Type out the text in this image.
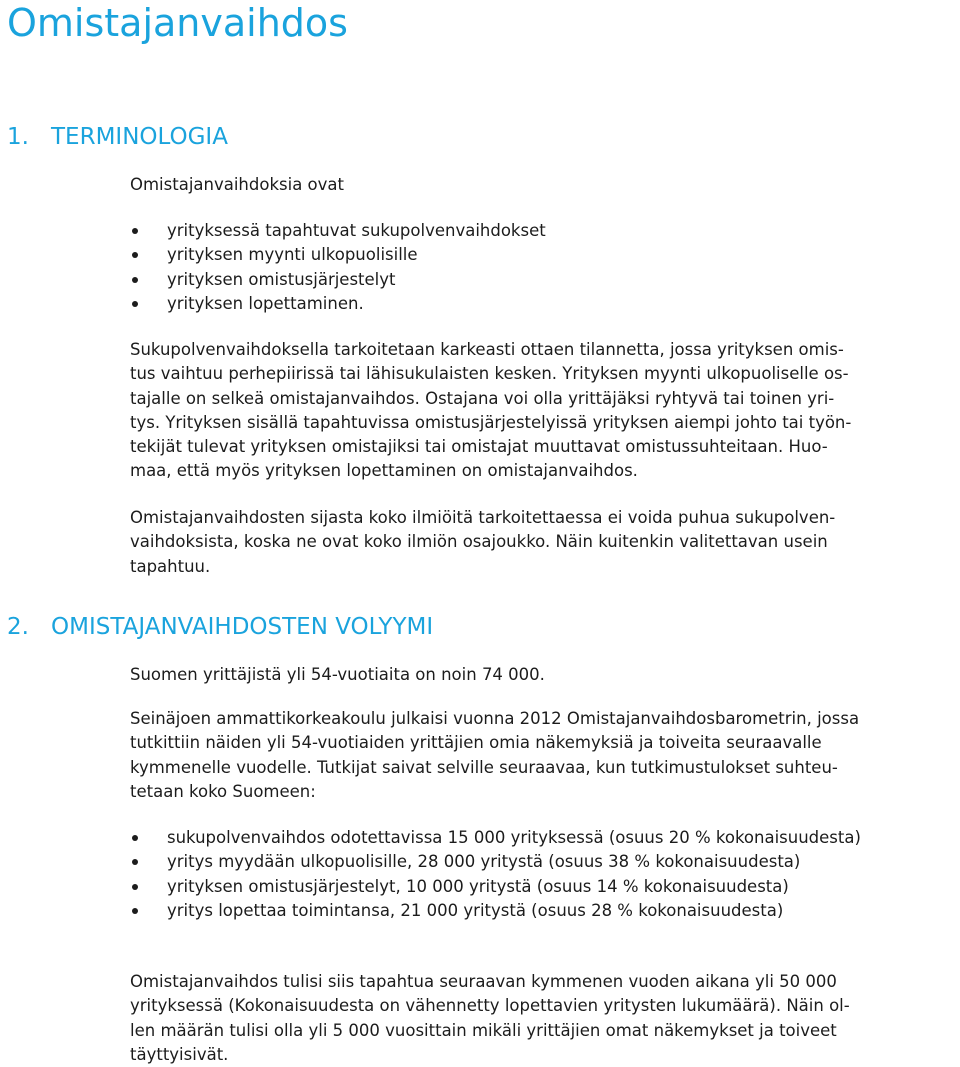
Omistajanvaihdos
1. TERMINOLOGIA

Omistajanvaihdoksia ovat

yrityksessä tapahtuvat sukupolvenvaihdokset
yrityksen myynti ulkopuolisille
yrityksen omistusjärjestelyt
yrityksen lopettaminen.

Sukupolvenvaihdoksella tarkoitetaan karkeasti ottaen tilannetta, jossa yrityksen omis-
tus vaihtuu perhepiirissä tai lähisukulaisten kesken. Yrityksen myynti ulkopuoliselle os-
tajalle on selkeä omistajanvaihdos. Ostajana voi olla yrittäjäksi ryhtyvä tai toinen yri-
tys. Yrityksen sisällä tapahtuvissa omistusjärjestelyissä yrityksen aiempi johto tai työn-
tekijät tulevat yrityksen omistajiksi tai omistajat muuttavat omistussuhteitaan. Huo-
maa, että myös yrityksen lopettaminen on omistajanvaihdos.

Omistajanvaihdosten sijasta koko ilmiöitä tarkoitettaessa ei voida puhua sukupolven-
vaihdoksista, koska ne ovat koko ilmiön osajoukko. Näin kuitenkin valitettavan usein
tapahtuu.

2. OMISTAJANVAIHDOSTEN VOLYYMI

Suomen yrittäjistä yli 54-vuotiaita on noin 74 000.

Seinäjoen ammattikorkeakoulu julkaisi vuonna 2012 Omistajanvaihdosbarometrin, jossa
tutkittiin näiden yli 54-vuotiaiden yrittäjien omia näkemyksiä ja toiveita seuraavalle
kymmenelle vuodelle. Tutkijat saivat selville seuraavaa, kun tutkimustulokset suhteu-
tetaan koko Suomeen:

sukupolvenvaihdos odotettavissa 15 000 yrityksessä (osuus 20 % kokonaisuudesta)
yritys myydään ulkopuolisille, 28 000 yritystä (osuus 38 % kokonaisuudesta)
yrityksen omistusjärjestelyt, 10 000 yritystä (osuus 14 % kokonaisuudesta)
yritys lopettaa toimintansa, 21 000 yritystä (osuus 28 % kokonaisuudesta)

Omistajanvaihdos tulisi siis tapahtua seuraavan kymmenen vuoden aikana yli 50 000
yrityksessä (Kokonaisuudesta on vähennetty lopettavien yritysten lukumäärä). Näin ol-
len määrän tulisi olla yli 5 000 vuosittain mikäli yrittäjien omat näkemykset ja toiveet
täyttyisivät.
